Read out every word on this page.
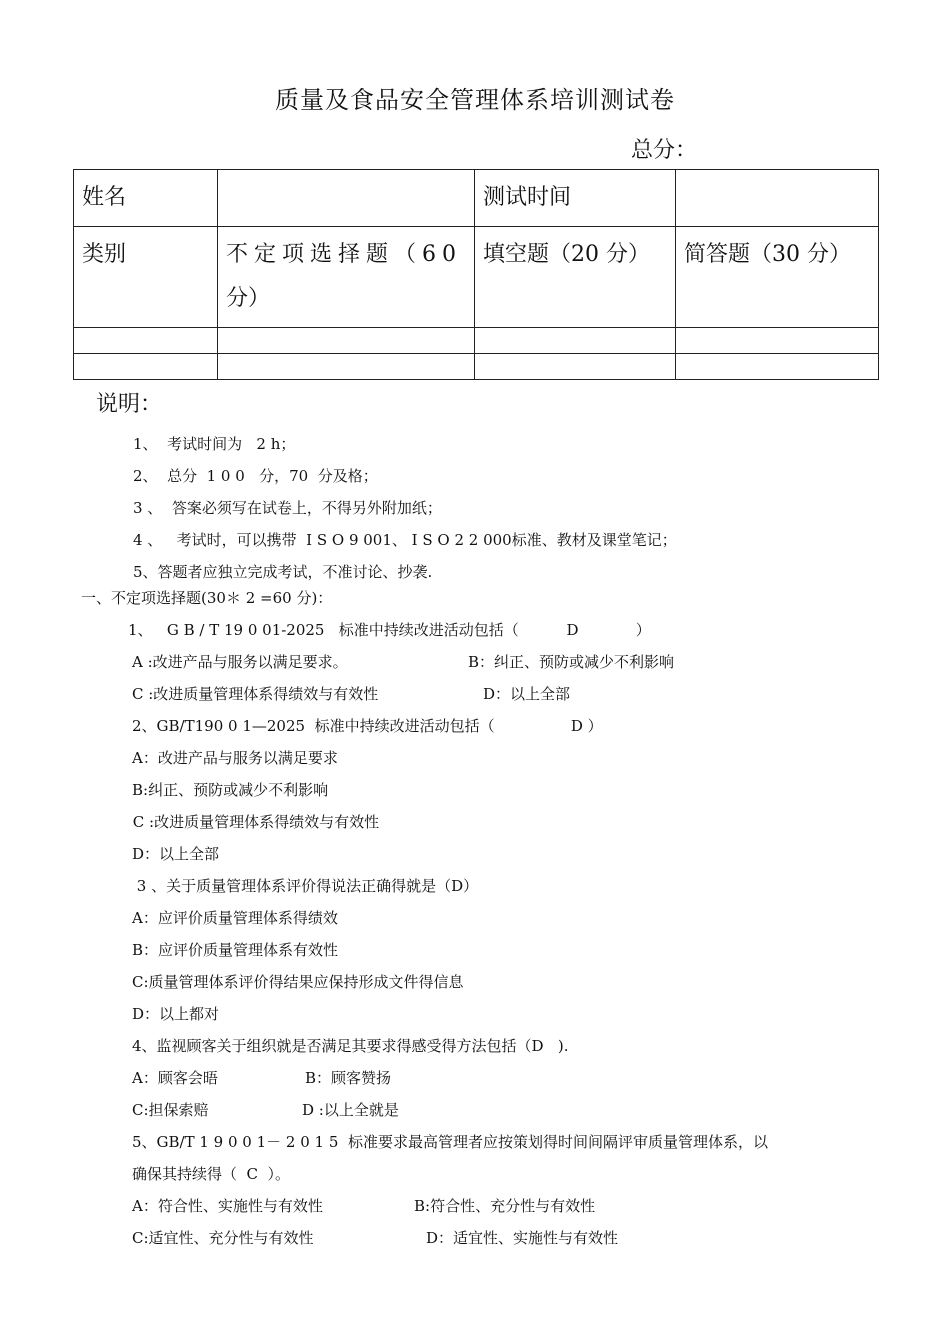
质量及食品安全管理体系培训测试卷
总分：
姓名		测试时间	
类别	不定项选择题（60
分）	填空题（20 分）	简答题（30 分）

说明：
1、  考试时间为   2 h；
2、  总分  1 0 0   分，70  分及格；
3 、  答案必须写在试卷上，不得另外附加纸；
4 、   考试时，可以携带  I S O 9 001、 I S O 2 2 000标准、教材及课堂笔记；
5、答题者应独立完成考试，不准讨论、抄袭.
一、不定项选择题(30＊ 2 =60 分)：
1、   G B / T 19 0 01-2025   标准中持续改进活动包括（          D            ）
A :改进产品与服务以满足要求。	B：纠正、预防或减少不利影响
C :改进质量管理体系得绩效与有效性	D：以上全部
2、GB/T190 0 1—2025  标准中持续改进活动包括（                D ）
A：改进产品与服务以满足要求
B:纠正、预防或减少不利影响
C :改进质量管理体系得绩效与有效性
D：以上全部
3 、关于质量管理体系评价得说法正确得就是（D）
A：应评价质量管理体系得绩效
B：应评价质量管理体系有效性
C:质量管理体系评价得结果应保持形成文件得信息
D：以上都对
4、监视顾客关于组织就是否满足其要求得感受得方法包括（D   ).
A：顾客会晤	B：顾客赞扬
C:担保索赔	D :以上全就是
5、GB/T 1 9 0 0 1－ 2 0 1 5  标准要求最高管理者应按策划得时间间隔评审质量管理体系，以
确保其持续得（  C  ）。
A：符合性、实施性与有效性	B:符合性、充分性与有效性
C:适宜性、充分性与有效性	D：适宜性、实施性与有效性
